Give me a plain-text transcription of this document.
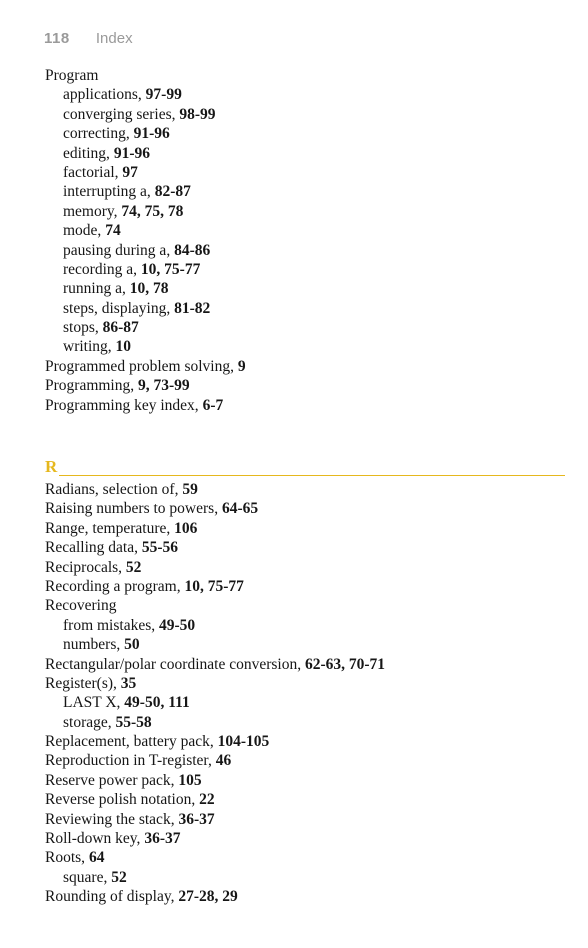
118 Index
Program
applications, 97-99
converging series, 98-99
correcting, 91-96
editing, 91-96
factorial, 97
interrupting a, 82-87
memory, 74, 75, 78
mode, 74
pausing during a, 84-86
recording a, 10, 75-77
running a, 10, 78
steps, displaying, 81-82
stops, 86-87
writing, 10
Programmed problem solving, 9
Programming, 9, 73-99
Programming key index, 6-7
R
Radians, selection of, 59
Raising numbers to powers, 64-65
Range, temperature, 106
Recalling data, 55-56
Reciprocals, 52
Recording a program, 10, 75-77
Recovering
from mistakes, 49-50
numbers, 50
Rectangular/polar coordinate conversion, 62-63, 70-71
Register(s), 35
LAST X, 49-50, 111
storage, 55-58
Replacement, battery pack, 104-105
Reproduction in T-register, 46
Reserve power pack, 105
Reverse polish notation, 22
Reviewing the stack, 36-37
Roll-down key, 36-37
Roots, 64
square, 52
Rounding of display, 27-28, 29
